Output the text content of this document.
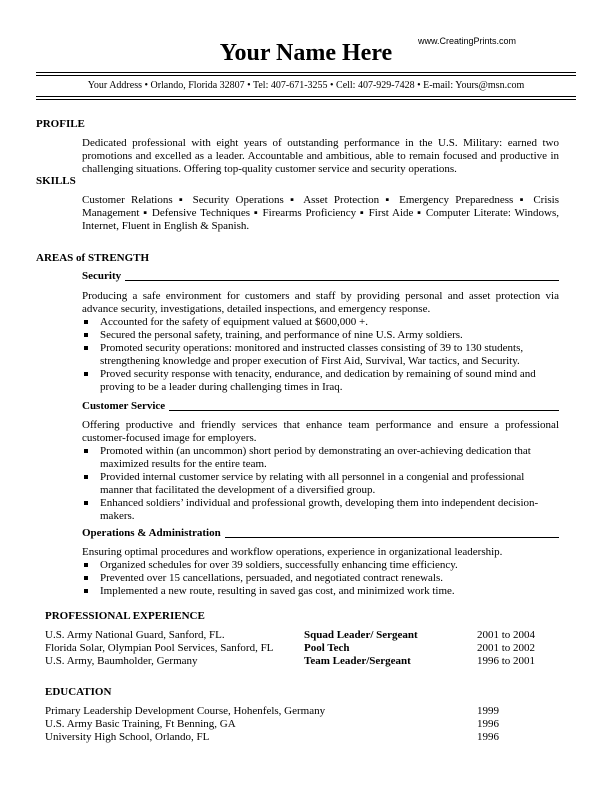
www.CreatingPrints.com
Your Name Here
Your Address • Orlando, Florida 32807 • Tel: 407-671-3255 • Cell: 407-929-7428 • E-mail: Yours@msn.com
PROFILE
Dedicated professional with eight years of outstanding performance in the U.S. Military: earned two promotions and excelled as a leader. Accountable and ambitious, able to remain focused and productive in challenging situations. Offering top-quality customer service and security operations.
SKILLS
Customer Relations ▪ Security Operations ▪ Asset Protection ▪ Emergency Preparedness ▪ Crisis Management ▪ Defensive Techniques ▪ Firearms Proficiency ▪ First Aide ▪ Computer Literate: Windows, Internet, Fluent in English & Spanish.
AREAS of STRENGTH
Security
Producing a safe environment for customers and staff by providing personal and asset protection via advance security, investigations, detailed inspections, and emergency response.
Accounted for the safety of equipment valued at $600,000 +.
Secured the personal safety, training, and performance of nine U.S. Army soldiers.
Promoted security operations: monitored and instructed classes consisting of 39 to 130 students, strengthening knowledge and proper execution of First Aid, Survival, War tactics, and Security.
Proved security response with tenacity, endurance, and dedication by remaining of sound mind and proving to be a leader during challenging times in Iraq.
Customer Service
Offering productive and friendly services that enhance team performance and ensure a professional customer-focused image for employers.
Promoted within (an uncommon) short period by demonstrating an over-achieving dedication that maximized results for the entire team.
Provided internal customer service by relating with all personnel in a congenial and professional manner that facilitated the development of a diversified group.
Enhanced soldiers’ individual and professional growth, developing them into independent decision-makers.
Operations & Administration
Ensuring optimal procedures and workflow operations, experience in organizational leadership.
Organized schedules for over 39 soldiers, successfully enhancing time efficiency.
Prevented over 15 cancellations, persuaded, and negotiated contract renewals.
Implemented a new route, resulting in saved gas cost, and minimized work time.
PROFESSIONAL EXPERIENCE
U.S. Army National Guard, Sanford, FL.	Squad Leader/ Sergeant	2001 to 2004
Florida Solar, Olympian Pool Services, Sanford, FL	Pool Tech	2001 to 2002
U.S. Army, Baumholder, Germany	Team Leader/Sergeant	1996 to 2001
EDUCATION
Primary Leadership Development Course, Hohenfels, Germany	1999
U.S. Army Basic Training, Ft Benning, GA	1996
University High School, Orlando, FL	1996
